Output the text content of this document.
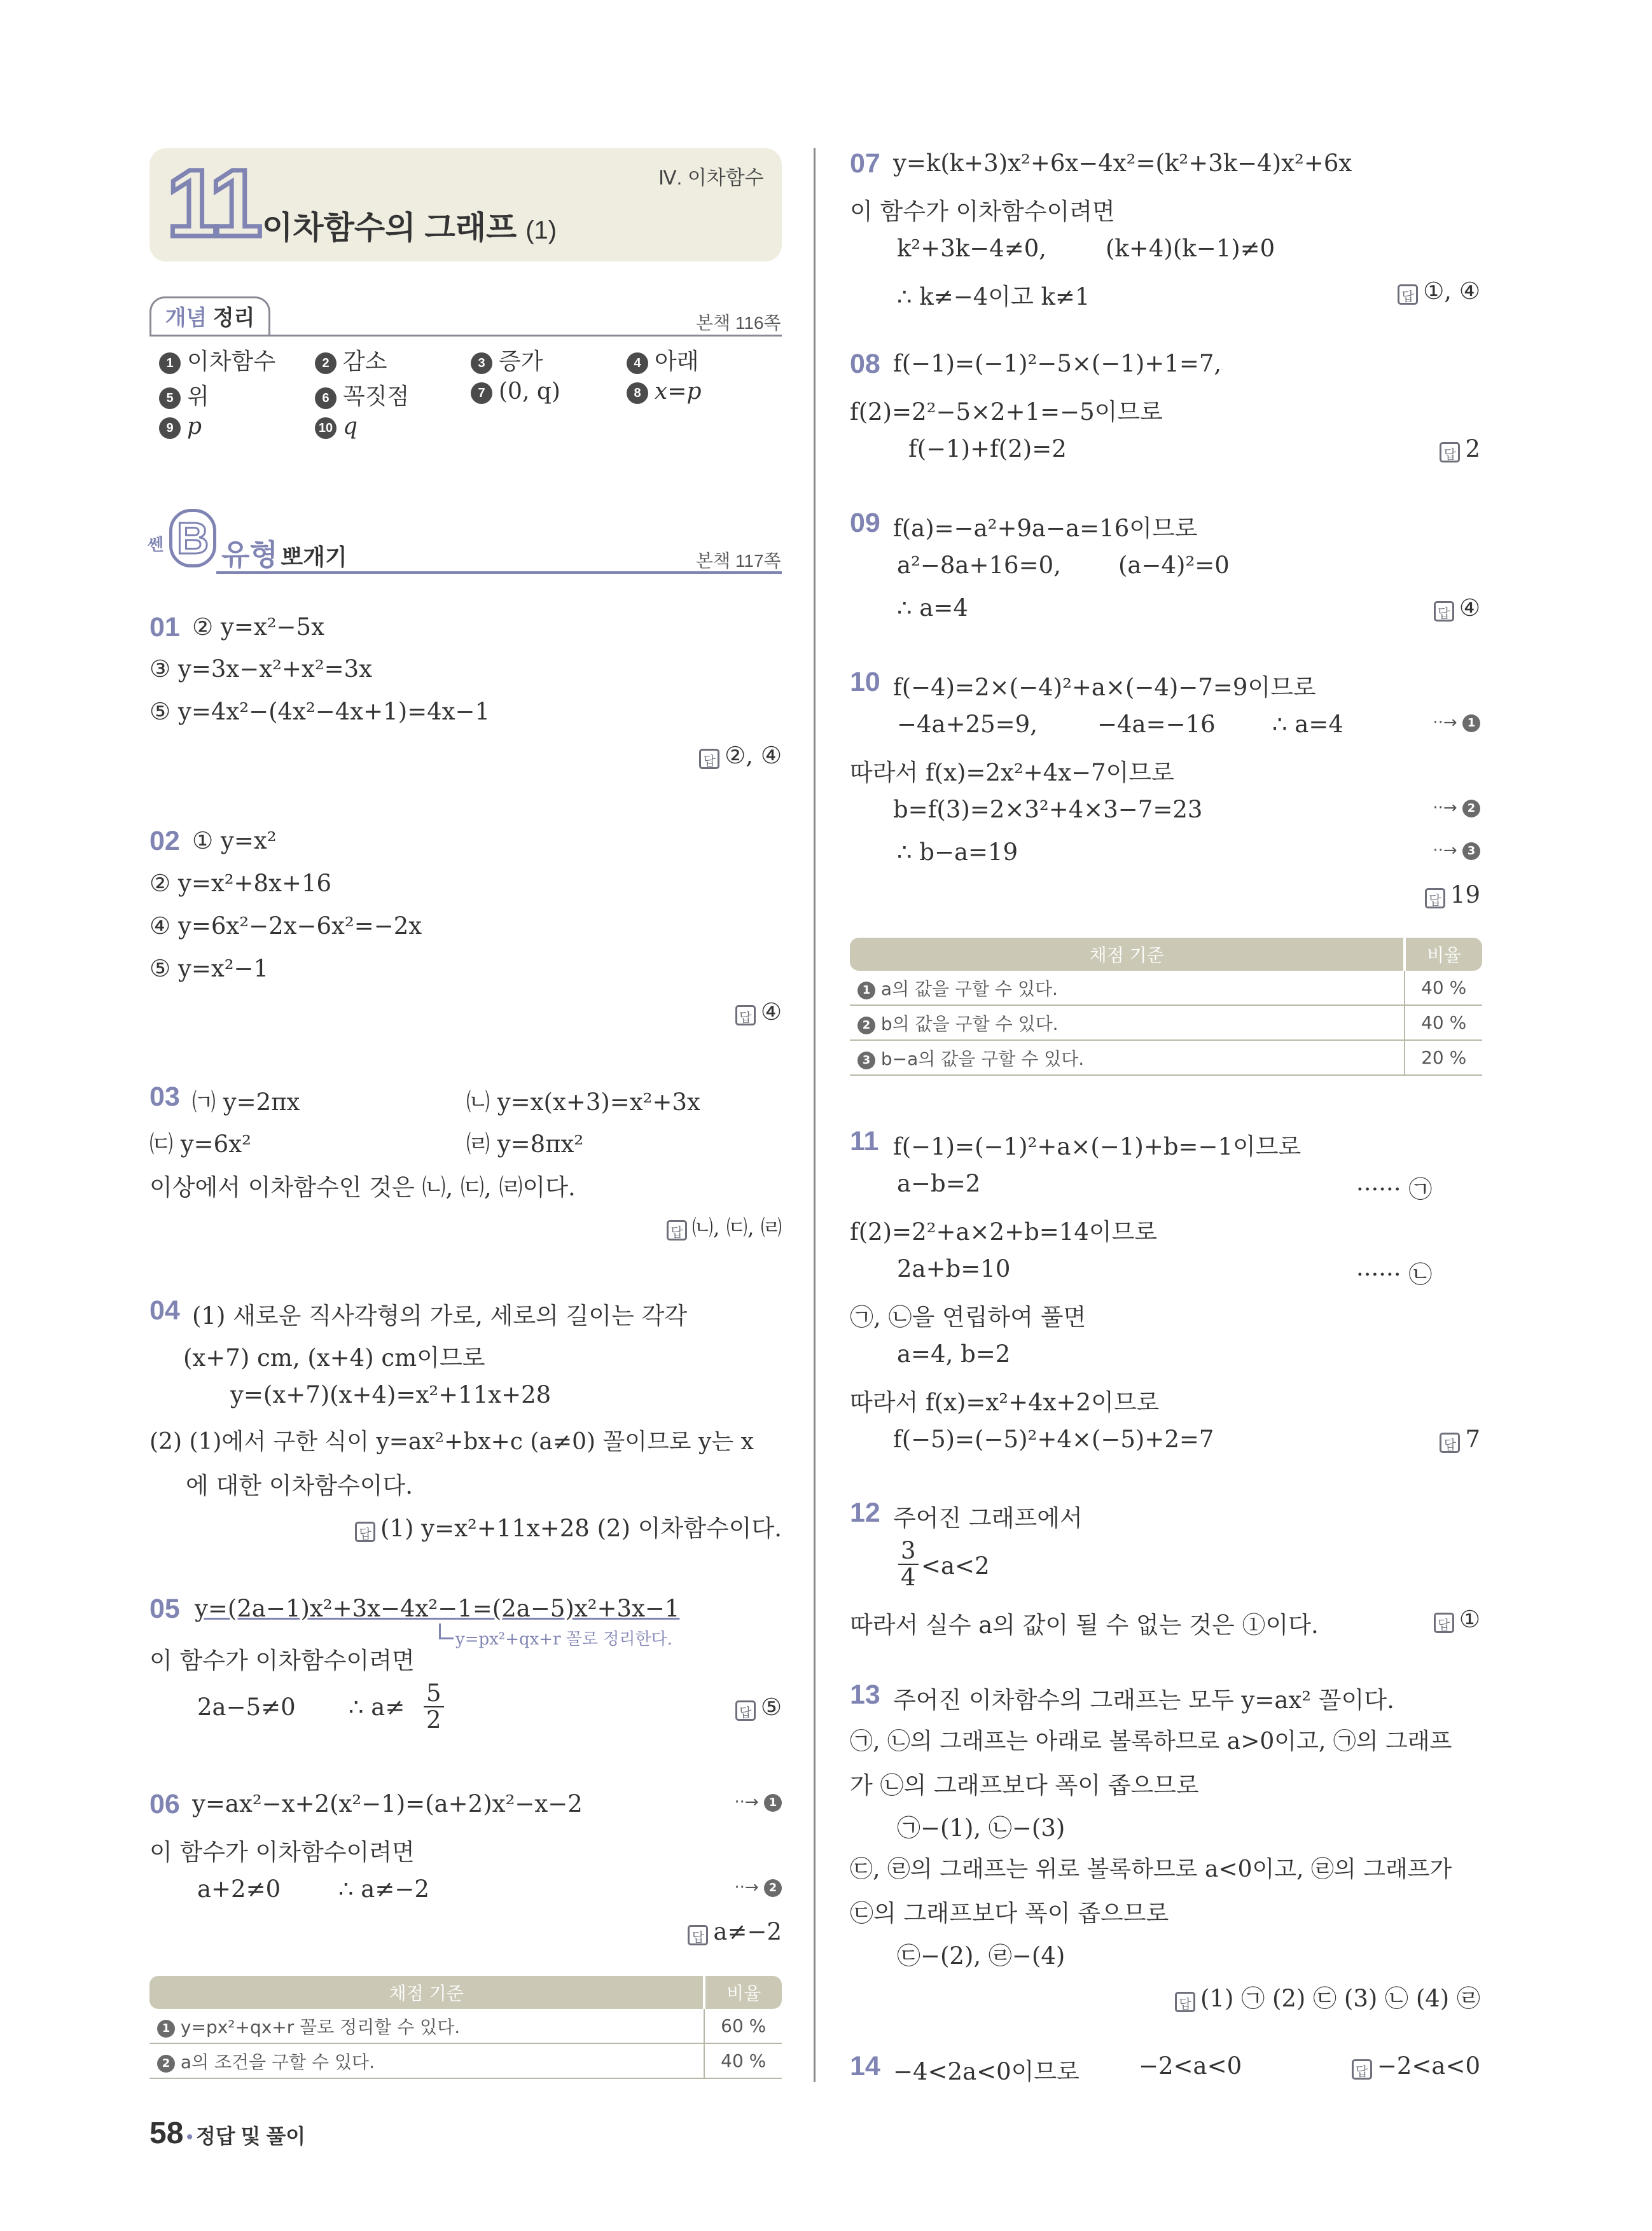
11 이차함수의 그래프 (1)
Ⅳ. 이차함수
개념 정리	본책 116쪽
1 이차함수	2 감소	3 증가	4 아래
5 위	6 꼭짓점	7 (0, q)	8 x=p
9 p	10 q
쎈 B 유형 뽀개기	본책 117쪽
01 ② y=x²−5x
③ y=3x−x²+x²=3x
⑤ y=4x²−(4x²−4x+1)=4x−1
답 ②, ④
02 ① y=x²
② y=x²+8x+16
④ y=6x²−2x−6x²=−2x
⑤ y=x²−1
답 ④
03 ㈀ y=2πx	㈁ y=x(x+3)=x²+3x
㈂ y=6x²	㈃ y=8πx²
이상에서 이차함수인 것은 ㈁, ㈂, ㈃이다.
답 ㈁, ㈂, ㈃
04 (1) 새로운 직사각형의 가로, 세로의 길이는 각각
(x+7) cm, (x+4) cm이므로
y=(x+7)(x+4)=x²+11x+28
(2) (1)에서 구한 식이 y=ax²+bx+c (a≠0) 꼴이므로 y는 x
에 대한 이차함수이다.
답 (1) y=x²+11x+28 (2) 이차함수이다.
05 y=(2a−1)x²+3x−4x²−1=(2a−5)x²+3x−1
y=px²+qx+r 꼴로 정리한다.
이 함수가 이차함수이려면
2a−5≠0 ∴ $a\ne \frac{5}{2}$	답 ⑤
06 y=ax²−x+2(x²−1)=(a+2)x²−x−2	··→ 1
이 함수가 이차함수이려면
a+2≠0 ∴ a≠−2	··→ 2
답 a≠−2
채점 기준	비율
1 y=px²+qx+r 꼴로 정리할 수 있다.	60 %
2 a의 조건을 구할 수 있다.	40 %
07 y=k(k+3)x²+6x−4x²=(k²+3k−4)x²+6x
이 함수가 이차함수이려면
k²+3k−4≠0,	(k+4)(k−1)≠0
∴ k≠−4이고 k≠1	답 ①, ④
08 f(−1)=(−1)²−5×(−1)+1=7,
f(2)=2²−5×2+1=−5이므로
f(−1)+f(2)=2	답 2
09 f(a)=−a²+9a−a=16이므로
a²−8a+16=0, (a−4)²=0
∴ a=4	답 ④
10 f(−4)=2×(−4)²+a×(−4)−7=9이므로
−4a+25=9,	−4a=−16 ∴ a=4	··→ 1
따라서 f(x)=2x²+4x−7이므로
b=f(3)=2×3²+4×3−7=23	··→ 2
∴ b−a=19	··→ 3
답 19
채점 기준	비율
1 a의 값을 구할 수 있다.	40 %
2 b의 값을 구할 수 있다.	40 %
3 b−a의 값을 구할 수 있다.	20 %
11 f(−1)=(−1)²+a×(−1)+b=−1이므로
a−b=2	······ ㉠
f(2)=2²+a×2+b=14이므로
2a+b=10	······ ㉡
㉠, ㉡을 연립하여 풀면
a=4, b=2
따라서 f(x)=x²+4x+2이므로
f(−5)=(−5)²+4×(−5)+2=7	답 7
12 주어진 그래프에서
$\frac{3}{4} <a<2$
따라서 실수 a의 값이 될 수 없는 것은 ①이다.	답 ①
13 주어진 이차함수의 그래프는 모두 y=ax² 꼴이다.
㉠, ㉡의 그래프는 아래로 볼록하므로 a>0이고, ㉠의 그래프
가 ㉡의 그래프보다 폭이 좁으므로
㉠−(1), ㉡−(3)
㉢, ㉣의 그래프는 위로 볼록하므로 a<0이고, ㉣의 그래프가
㉢의 그래프보다 폭이 좁으므로
㉢−(2), ㉣−(4)
답 (1) ㉠ (2) ㉢ (3) ㉡ (4) ㉣
14 −4<2a<0이므로	−2<a<0	답 −2<a<0
58 • 정답 및 풀이
